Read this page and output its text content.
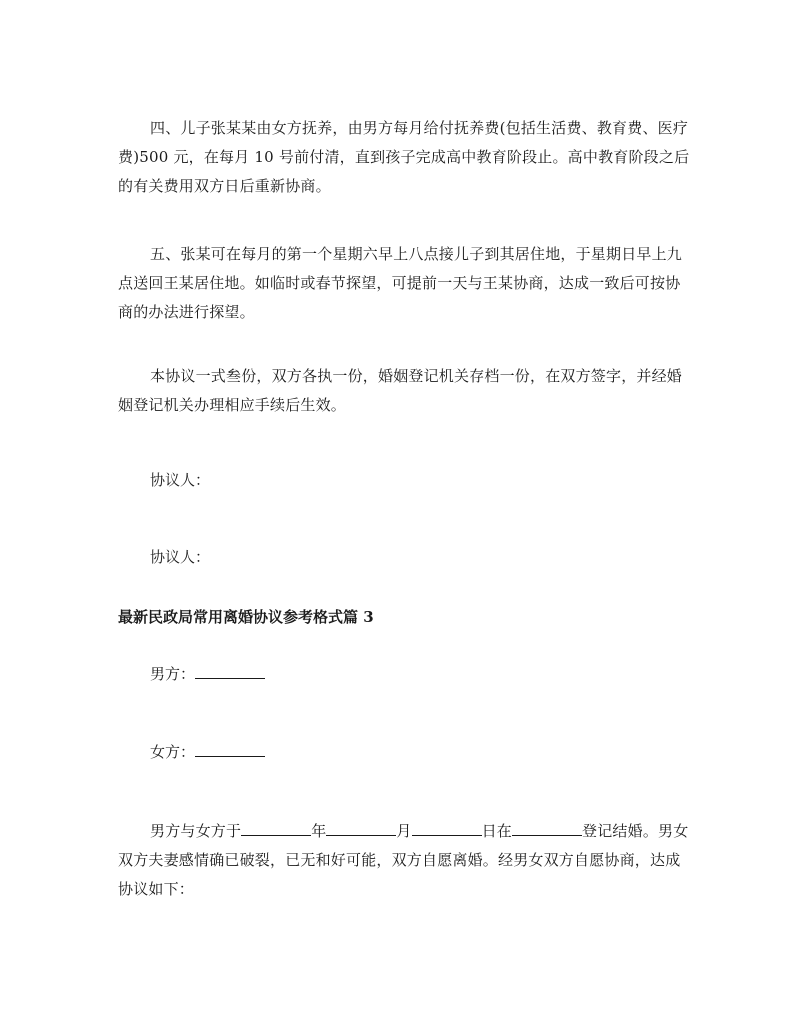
四、儿子张某某由女方抚养，由男方每月给付抚养费(包括生活费、教育费、医疗费)500 元，在每月 10 号前付清，直到孩子完成高中教育阶段止。高中教育阶段之后的有关费用双方日后重新协商。

五、张某可在每月的第一个星期六早上八点接儿子到其居住地，于星期日早上九点送回王某居住地。如临时或春节探望，可提前一天与王某协商，达成一致后可按协商的办法进行探望。

本协议一式叁份，双方各执一份，婚姻登记机关存档一份，在双方签字，并经婚姻登记机关办理相应手续后生效。

协议人：

协议人：

最新民政局常用离婚协议参考格式篇 3

男方：

女方：

男方与女方于	年	月	日在	登记结婚。男女双方夫妻感情确已破裂，已无和好可能，双方自愿离婚。经男女双方自愿协商，达成协议如下：
